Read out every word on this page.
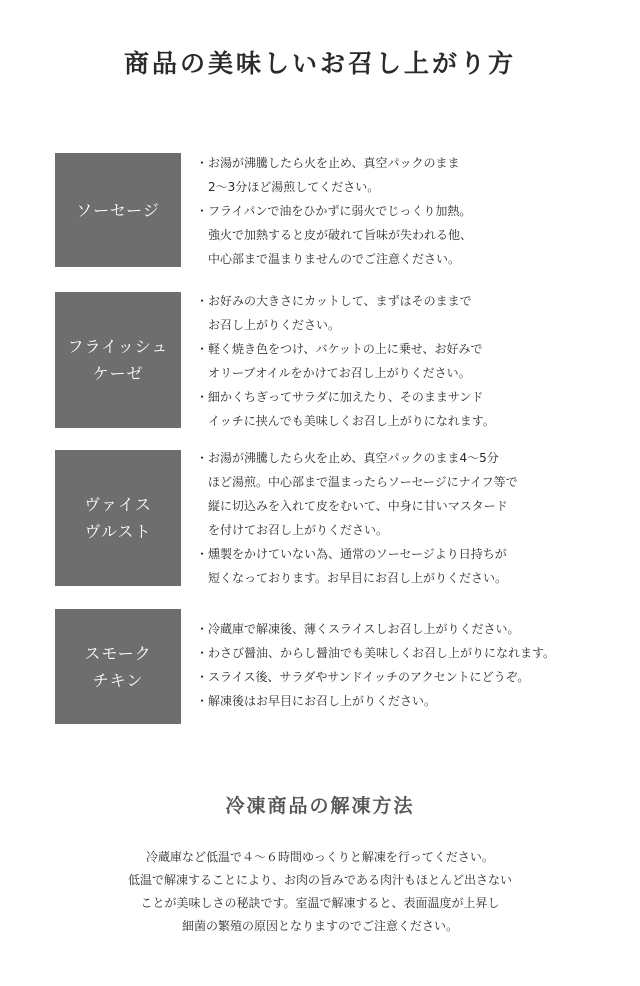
商品の美味しいお召し上がり方
ソーセージ
・お湯が沸騰したら火を止め、真空パックのまま
　2〜3分ほど湯煎してください。
・フライパンで油をひかずに弱火でじっくり加熱。
　強火で加熱すると皮が破れて旨味が失われる他、
　中心部まで温まりませんのでご注意ください。
フライッシュ
ケーゼ
・お好みの大きさにカットして、まずはそのままで
　お召し上がりください。
・軽く焼き色をつけ、バケットの上に乗せ、お好みで
　オリーブオイルをかけてお召し上がりください。
・細かくちぎってサラダに加えたり、そのままサンド
　イッチに挟んでも美味しくお召し上がりになれます。
ヴァイス
ヴルスト
・お湯が沸騰したら火を止め、真空パックのまま4〜5分
　ほど湯煎。中心部まで温まったらソーセージにナイフ等で
　縦に切込みを入れて皮をむいて、中身に甘いマスタード
　を付けてお召し上がりください。
・燻製をかけていない為、通常のソーセージより日持ちが
　短くなっております。お早目にお召し上がりください。
スモーク
チキン
・冷蔵庫で解凍後、薄くスライスしお召し上がりください。
・わさび醤油、からし醤油でも美味しくお召し上がりになれます。
・スライス後、サラダやサンドイッチのアクセントにどうぞ。
・解凍後はお早目にお召し上がりください。
冷凍商品の解凍方法
冷蔵庫など低温で４〜６時間ゆっくりと解凍を行ってください。
低温で解凍することにより、お肉の旨みである肉汁もほとんど出さない
ことが美味しさの秘訣です。室温で解凍すると、表面温度が上昇し
細菌の繁殖の原因となりますのでご注意ください。
